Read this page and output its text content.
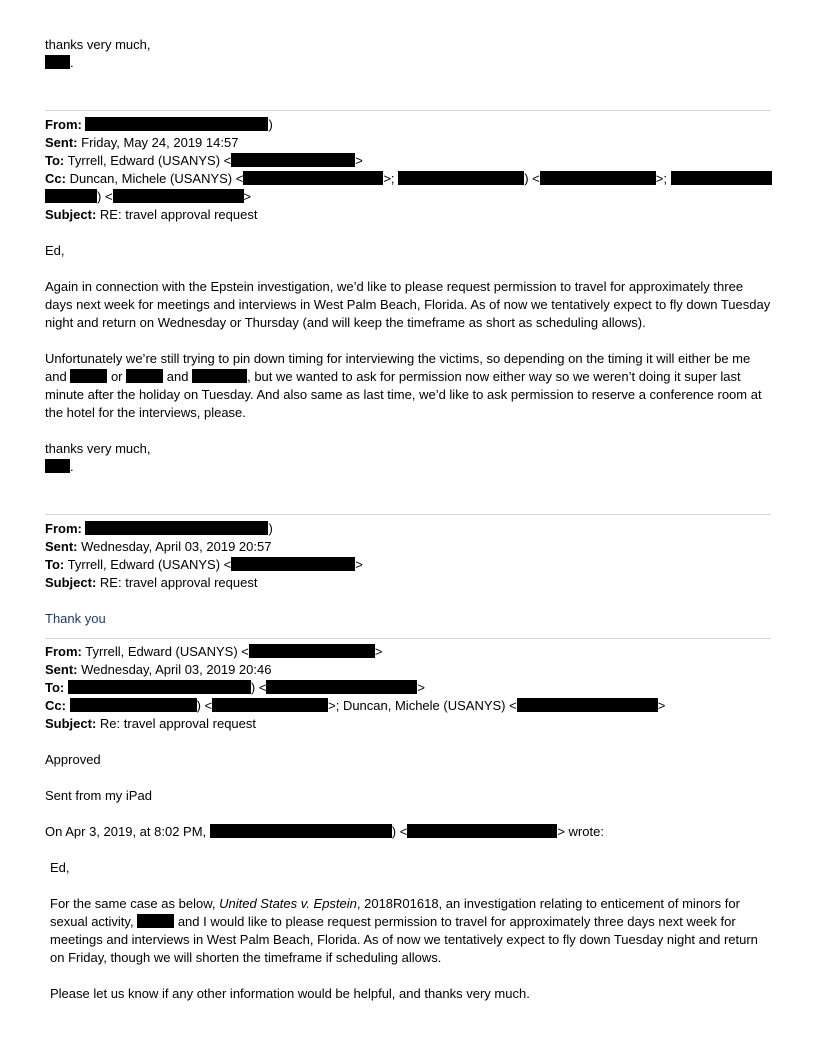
thanks very much,

.

From:	)

Sent: Friday, May 24, 2019 14:57

To: Tyrrell, Edward (USANYS) <	>

Cc: Duncan, Michele (USANYS) <	>;	) <	>;

) <	>

Subject: RE: travel approval request

Ed,

Again in connection with the Epstein investigation, we’d like to please request permission to travel for approximately three days next week for meetings and interviews in West Palm Beach, Florida. As of now we tentatively expect to fly down Tuesday night and return on Wednesday or Thursday (and will keep the timeframe as short as scheduling allows).

Unfortunately we’re still trying to pin down timing for interviewing the victims, so depending on the timing it will either be me and	or	and	, but we wanted to ask for permission now either way so we weren’t doing it super last minute after the holiday on Tuesday. And also same as last time, we’d like to ask permission to reserve a conference room at the hotel for the interviews, please.

thanks very much,

.

From:	)

Sent: Wednesday, April 03, 2019 20:57

To: Tyrrell, Edward (USANYS) <	>

Subject: RE: travel approval request

Thank you

From: Tyrrell, Edward (USANYS) <	>

Sent: Wednesday, April 03, 2019 20:46

To:	) <	>

Cc:	) <	>; Duncan, Michele (USANYS) <	>

Subject: Re: travel approval request

Approved

Sent from my iPad

On Apr 3, 2019, at 8:02 PM,	) <	> wrote:

Ed,

For the same case as below, United States v. Epstein, 2018R01618, an investigation relating to enticement of minors for sexual activity,	and I would like to please request permission to travel for approximately three days next week for meetings and interviews in West Palm Beach, Florida. As of now we tentatively expect to fly down Tuesday night and return on Friday, though we will shorten the timeframe if scheduling allows.

Please let us know if any other information would be helpful, and thanks very much.
